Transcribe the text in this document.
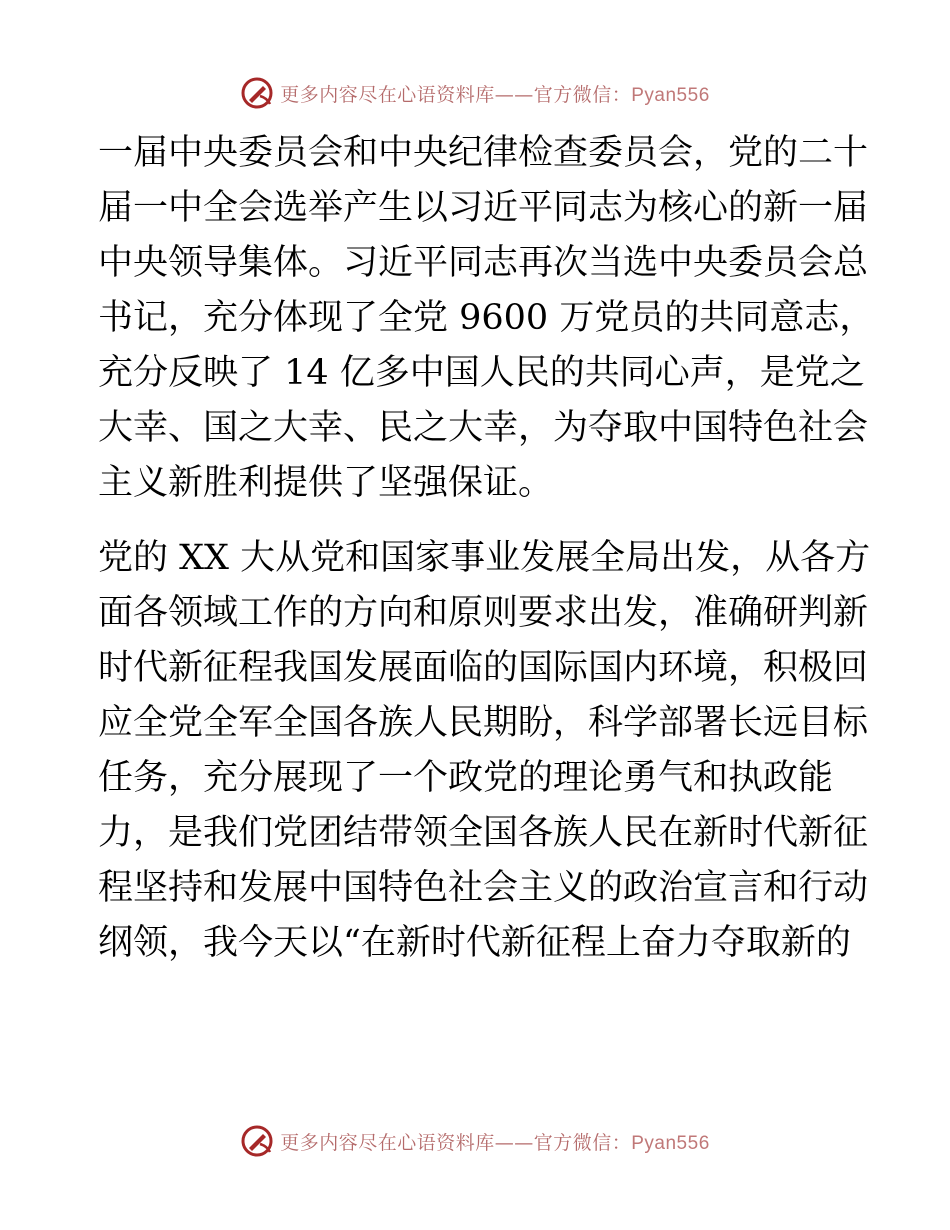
更多内容尽在心语资料库——官方微信：Pyan556
一届中央委员会和中央纪律检查委员会，党的二十
届一中全会选举产生以习近平同志为核心的新一届
中央领导集体。习近平同志再次当选中央委员会总
书记，充分体现了全党 9600 万党员的共同意志，
充分反映了 14 亿多中国人民的共同心声，是党之
大幸、国之大幸、民之大幸，为夺取中国特色社会
主义新胜利提供了坚强保证。
党的 XX 大从党和国家事业发展全局出发，从各方
面各领域工作的方向和原则要求出发，准确研判新
时代新征程我国发展面临的国际国内环境，积极回
应全党全军全国各族人民期盼，科学部署长远目标
任务，充分展现了一个政党的理论勇气和执政能
力，是我们党团结带领全国各族人民在新时代新征
程坚持和发展中国特色社会主义的政治宣言和行动
纲领，我今天以“在新时代新征程上奋力夺取新的
更多内容尽在心语资料库——官方微信：Pyan556
